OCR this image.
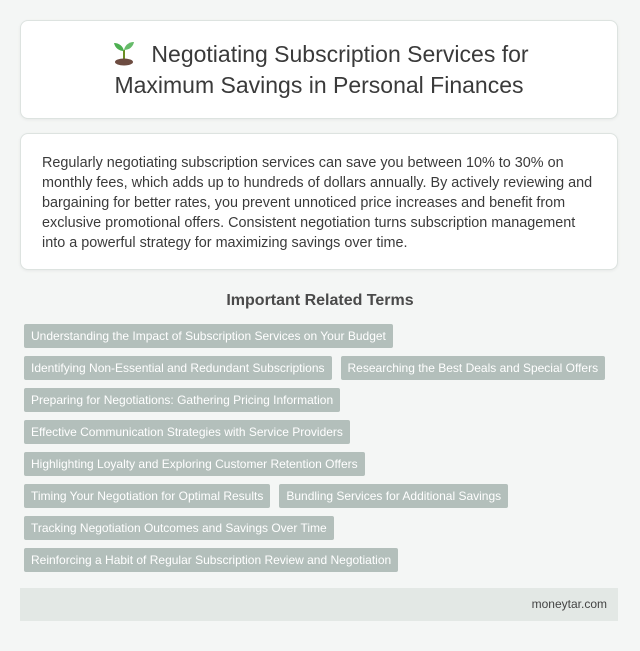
Negotiating Subscription Services for
Maximum Savings in Personal Finances

Regularly negotiating subscription services can save you between 10% to 30% on monthly fees, which adds up to hundreds of dollars annually. By actively reviewing and bargaining for better rates, you prevent unnoticed price increases and benefit from exclusive promotional offers. Consistent negotiation turns subscription management into a powerful strategy for maximizing savings over time.

Important Related Terms
Understanding the Impact of Subscription Services on Your Budget
Identifying Non-Essential and Redundant Subscriptions	Researching the Best Deals and Special Offers
Preparing for Negotiations: Gathering Pricing Information
Effective Communication Strategies with Service Providers
Highlighting Loyalty and Exploring Customer Retention Offers
Timing Your Negotiation for Optimal Results	Bundling Services for Additional Savings
Tracking Negotiation Outcomes and Savings Over Time
Reinforcing a Habit of Regular Subscription Review and Negotiation
moneytar.com
